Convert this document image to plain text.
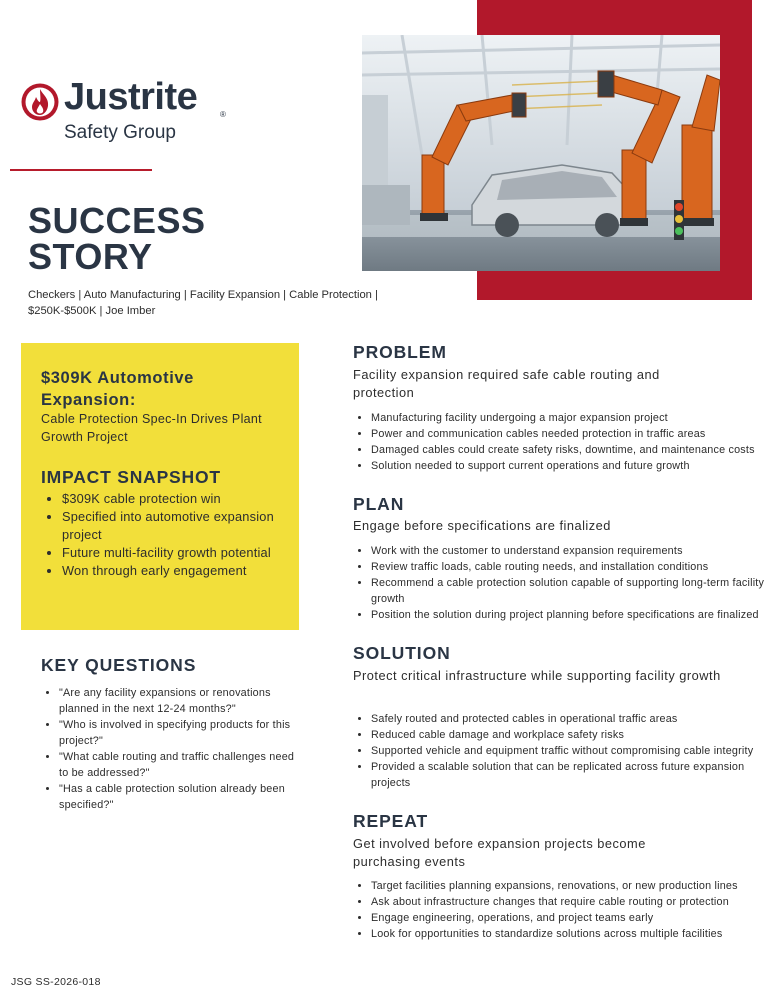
Justrite	®
Safety Group
SUCCESS
STORY
Checkers | Auto Manufacturing | Facility Expansion | Cable Protection | $250K-$500K | Joe Imber
$309K Automotive Expansion:
Cable Protection Spec-In Drives Plant Growth Project
IMPACT SNAPSHOT
• $309K cable protection win
• Specified into automotive expansion project
• Future multi-facility growth potential
• Won through early engagement
KEY QUESTIONS
• "Are any facility expansions or renovations planned in the next 12-24 months?"
• "Who is involved in specifying products for this project?"
• "What cable routing and traffic challenges need to be addressed?"
• "Has a cable protection solution already been specified?"
PROBLEM
Facility expansion required safe cable routing and protection
• Manufacturing facility undergoing a major expansion project
• Power and communication cables needed protection in traffic areas
• Damaged cables could create safety risks, downtime, and maintenance costs
• Solution needed to support current operations and future growth
PLAN
Engage before specifications are finalized
• Work with the customer to understand expansion requirements
• Review traffic loads, cable routing needs, and installation conditions
• Recommend a cable protection solution capable of supporting long-term facility growth
• Position the solution during project planning before specifications are finalized
SOLUTION
Protect critical infrastructure while supporting facility growth
• Safely routed and protected cables in operational traffic areas
• Reduced cable damage and workplace safety risks
• Supported vehicle and equipment traffic without compromising cable integrity
• Provided a scalable solution that can be replicated across future expansion projects
REPEAT
Get involved before expansion projects become purchasing events
• Target facilities planning expansions, renovations, or new production lines
• Ask about infrastructure changes that require cable routing or protection
• Engage engineering, operations, and project teams early
• Look for opportunities to standardize solutions across multiple facilities
JSG SS-2026-018
